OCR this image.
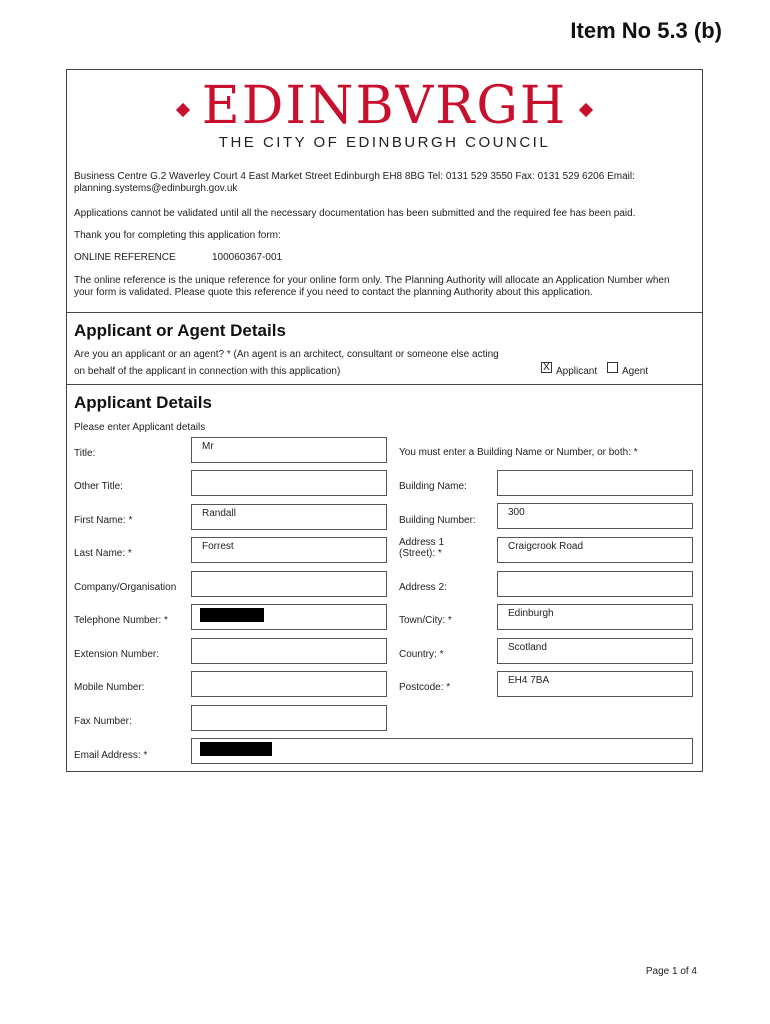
Item No 5.3 (b)
EDINBVRGH
THE CITY OF EDINBURGH COUNCIL
Business Centre G.2 Waverley Court 4 East Market Street Edinburgh EH8 8BG Tel: 0131 529 3550 Fax: 0131 529 6206 Email:
planning.systems@edinburgh.gov.uk
Applications cannot be validated until all the necessary documentation has been submitted and the required fee has been paid.
Thank you for completing this application form:
ONLINE REFERENCE	100060367-001
The online reference is the unique reference for your online form only. The Planning Authority will allocate an Application Number when
your form is validated. Please quote this reference if you need to contact the planning Authority about this application.
Applicant or Agent Details
Are you an applicant or an agent? * (An agent is an architect, consultant or someone else acting
on behalf of the applicant in connection with this application)	X Applicant Agent
Applicant Details
Please enter Applicant details
You must enter a Building Name or Number, or both: *
Title:
Mr
Other Title:
First Name: *
Randall
Last Name: *
Forrest
Company/Organisation
Telephone Number: *
Extension Number:
Mobile Number:
Fax Number:
Building Name:
Building Number:
300
Address 1
(Street): *
Craigcrook Road
Address 2:
Town/City: *
Edinburgh
Country: *
Scotland
Postcode: *
EH4 7BA
Email Address: *
Page 1 of 4
